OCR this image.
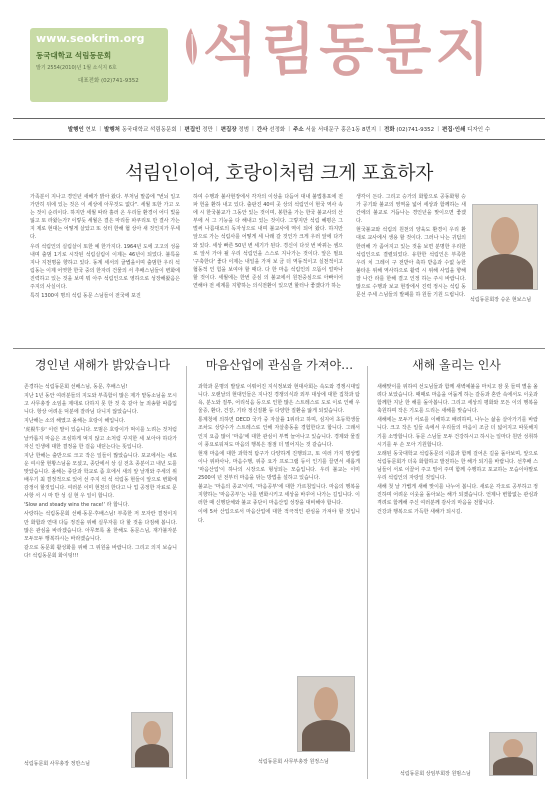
www.seokrim.org
동국대학교 석림동문회
발기 2554(2010)년 1월 소식지 6호
대표전화 (02)741-9352 석림동문지
발행인 현보 | 발행처 동국대학교 석림동문회 | 편집인 정만 | 편집장 정범 | 간사 선정화 | 주소 서울 서대문구 홍은1동 8번지 | 전화 (02)741-9352 | 편집·인쇄 디자인 수
석림인이여, 호랑이처럼 크게 포효하자

가족분이 지나고 경인년 새해가 밝아 왔다. 부처님 말씀에 "번뇌 일고 가만히 뒤에 있는 것은 이 세상에 아무것도 없다". 세월 또한 가고 오는 것이 순리이다. 하지만 세월 따라 흘러 온 우리들 환경이 어디 빛을 잃고 또 라왔는가? 이렇듯 세월은 결은 마리들 파쿠리토 만 결사 가는지 제로 현대는 어떻게 살았고 또 성터 한해 협 상아 새 것인지가 무세다.

우리 석림인의 실림살이 또한 예 한가지다. 1964년 도에 고고의 성을 내며 출범 1기로 시작된 석림실림이 이제는 46년이 되었다. 불특을 지나 지천명을 향하고 있다. 동계 세서의 굴볍을이며 출범한 우리 석림동는 이제 어엿한 한국 중의 한자리 건물의 서 추배스님들이 변화에 진력하고 있는 것을 보며 뭐 아주 석림인으로 영하으로 성장해왔음은 주지의 사실이다.

특히 1300여 명의 석림 동문 스님들이 전국에 포진

하여 수행과 불사현장에서 각자의 이상을 다듬어 대내 불법홍포에 전파 헌을 환하 내고 있다. 출판진 40여 곳 상의 석림인이 현국 역사 속에 시 한국불교가 그동안 있는 것이며, 봉한을 가는 한국 불교사의 산부에 서 그 기능을 다 해내고 있는 것이다. 그렇지만 석림 혜평은 그 벌써 나름대로의 독자성으로 내며 불교사에 역이 되어 왔다. 하지만 앞으로 가는 석림사를 어떻게 세 나래 갈 것인가 크게 우러 앞에 다가와 있다. 세상 빠른 50년 변 세기가 된다. 경신이 다섯 번 바뀌는 셈으로 앞서 가야 될 우리 석림인을 스스로 지나가는 것이다. 앞은 필요 '구축한다' 좋다 이제는 내일을 가져 보 금 더 역동적이고 실천적이고 협동적 인 힘을 보여야 할 때다. 다 한 마음 석림인의 으뜸이 얼마나 할 것이다. 세월에는 한번 준심 의 불교에서 원천중심으로 아빠이어 연해야 전 세계를 지향하는 의식전환이 있으면 할터나 좋겠다가 하는

생각이 든다. 그리고 승가의 화합으로 공동화형 승가 공기와 불교의 영역을 넓어 세상과 함께하는 새간에의 불교로 거듭나는 경인년을 맞이으면 좋겠다.

현국불교와 석림의 원천의 양육도 환경이 우리 환대로 교사에서 생용 할 것이다. 그러나 나는 귀텀의 한러해 가 좀어지고 있는 것을 보면 분명한 우리한 석림인으로 결렬되었다. 유한한 석림인은 부족한 우리 치 그레이 구 전받아 축하 받음과 수없 능한 불타운 위해 역사하으로 활력 시 위해 사업을 향해 잘 나간 라를 한해 결고 인정 하는 주시 바랍니다. 많으로 수행과 보교 현장에서 진력 정시는 석림 동문선 주세 스님들의 발패를 하 원들 기원 드립니다.

석림동문회장 승운 현보스님
경인년 새해가 밝았습니다	마음산업에 관심을 가져야…	새해 올리는 인사

존경하는 석림동문회 선배스님, 동문, 후배스님!

지난 1년 동안 여러분들의 지도와 부족함이 많은 제가 맡동소님을 모시고 사무총장 소임을 제대로 다하지 못 한 것 혹 같아 늘 죄송할 따름입니다. 항상 어려운 덕분에 잘라님 다니지 않았습니다.

지난해는 소의 해였고 올해는 호랑이 해입니다.

'虎視牛步' 이런 말이 있습니다. 모범은 호랑이가 먹이를 노려는 것처럼 날카롭지 마음은 조심하게 먹지 않고 소처럼 꾸지한 세 보아야 하다가 자신 인생에 대한 결정을 한 걸음 내딛는다는 뜻입니다.

지난 한해는 출반으로 크고 작은 일들이 많았습니다. 포교에서는 새로운 여시물 현황스님을 모셨고, 종단에서 상 실 전초 종분이고 내년 도를 맞았습니다. 올해는 종단과 학교로 좀 호에서 새의 앞 날개와 주세의 위배우기 최 결정적으로 있어 선 주지 석 석 석림동 현들이 앞으로 변화에 감정이 할것입니다. 여러분 이미 현천의 한다고 나 업 공정한 자료로 문 사항 서 시 마 반 성 실 현 우 일이 합니다.

'Slow and steady wins the race!' 라 합니다.

사랑하는 석림동문회 선배·동문·후배스님! 부족한 저 모자란 결정이지만 화합과 연대 다듬 정진을 위해 실무자를 다 할 것을 다짐해 봅니다. 많은 관심을 바라겠습니다. 아무쪼록 올 한해도 동문스님, 재가불자분 모두모두 행복하시는 바라겠습니다.

같으로 동문회 활성화를 위해 그 위원을 바랍니다. 그리고 의지 보습니다! 석림동문회 화이팅!!!

과학과 문명의 발달로 이뤄어진 지식정보와 현대사회는 속도와 경쟁시대입니다. 오랜날의 현대인들은 지나친 경쟁의식과 외부 대상에 대한 집착과 탐욕, 분노와 질투, 어리석음 등으로 인한 많은 스트레스로 도로 이로 인해 우울증, 환다, 건강, 기타 정신질환 등 다양한 질환을 앓게 되었습니다.

통계청에 의하면 OECD 국가 중 자살률 1위라고 하며, 심지어 초등학생들조차도 상당수가 스트레스로 인해 자살충동을 경험한다고 합니다. 그래서인지 요즘 많이 '마음'에 대한 관심이 부쩍 늘어나고 있습니다. 경제와 물질이 풍요로워져도 마음의 행복은 점점 더 멀어지는 것 같습니다.

현재 마음에 대한 과학적 탐구가 다양하게 진행되고, 또 여러 가지 명상법이나 위파사나, 마음수행, 위증 요가 프로그램 등이 인기를 끌면서 새롭게 '마음산업'이 하나의 시장으로 형성되는 모습입니다. 우리 불교는 이미 2500여 년 전부터 마음을 닦는 방법을 설하고 있습니다.

불교는 '마음의 종교'이며, '마음공부'에 대한 가르침입니다. 마음의 행복을 지향하는 '마음공부'는 나를 변화시키고 세상을 바꾸어 나가는 길입니다. 이러한 때 신행단체와 불교 종단이 마음산업 성장을 대비해야 합니다.

이에 5차 산업으로서 마음산업에 대한 적극적인 관심을 가져야 할 것입니다.

새해맞이를 위하여 선도님들과 함께 새벽예불을 마치고 잠 못 들며 별을 올려다 보았습니다. 때때로 마음을 어둡게 하는 갈등과 혼란 속에서도 이웃과 함께한 지난 한 해를 돌아봅니다. 그리고 세상의 평화와 모든 이의 행복을 축원하며 작은 기도를 드리는 새해를 맞습니다.

새해에는 모두가 서로를 이해하고 배려하며, 나누는 삶을 살아가기를 바랍니다. 크고 작은 일들 속에서 우리들의 마음이 조금 더 넓어지고 따뜻해지기를 소망합니다. 동문 스님들 모두 건강하시고 하시는 일마다 원만 성취하시기를 두 손 모아 기원합니다.

오래된 동국대학교 석림동문의 이름과 함께 걸어온 길을 돌아보며, 앞으로 석림동문회가 더욱 화합하고 발전하는 한 해가 되기를 바랍니다. 선후배 스님들이 서로 이끌어 주고 밀어 주며 함께 수행하고 포교하는 모습이야말로 우리 석림인의 자랑일 것입니다.

새해 첫 날 가볍게 새해 맞이를 나누어 봅니다. 새로운 각오로 공부하고 정진하며 어려운 이웃을 돌아보는 해가 되겠습니다. 언제나 변함없는 관심과 격려로 함께해 주신 여러분께 감사의 마음을 전합니다.

건강과 행복으로 가득한 새해가 되시길.

석림동문회 사무총장 정만스님	석림동문회 사무부총장 원정스님
석림동문회 상임부회장 원범스님
